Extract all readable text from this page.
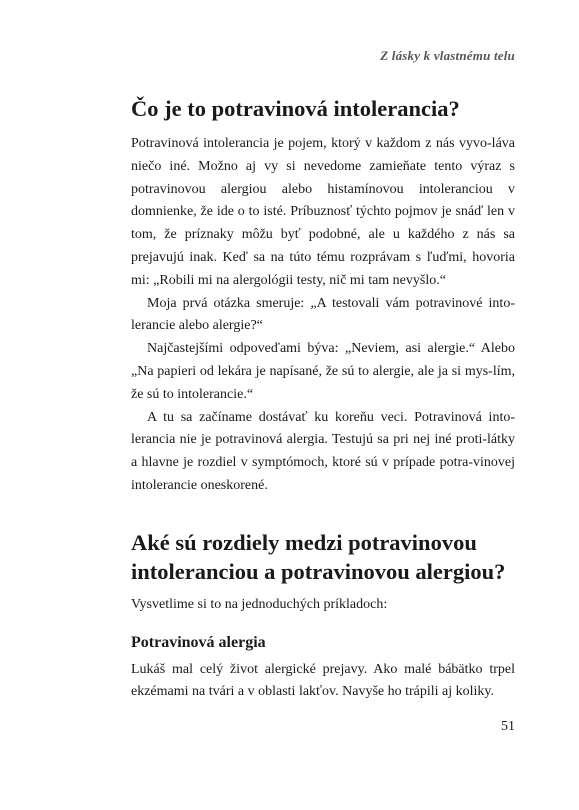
Z lásky k vlastnému telu
Čo je to potravinová intolerancia?

Potravinová intolerancia je pojem, ktorý v každom z nás vyvo-láva niečo iné. Možno aj vy si nevedome zamieňate tento výraz s potravinovou alergiou alebo histamínovou intoleranciou v domnienke, že ide o to isté. Príbuznosť týchto pojmov je snáď len v tom, že príznaky môžu byť podobné, ale u každého z nás sa prejavujú inak. Keď sa na túto tému rozprávam s ľuďmi, hovoria mi: „Robili mi na alergológii testy, nič mi tam nevyšlo.“

Moja prvá otázka smeruje: „A testovali vám potravinové into-lerancie alebo alergie?“

Najčastejšími odpoveďami býva: „Neviem, asi alergie.“ Alebo „Na papieri od lekára je napísané, že sú to alergie, ale ja si mys-lím, že sú to intolerancie.“

A tu sa začíname dostávať ku koreňu veci. Potravinová into-lerancia nie je potravinová alergia. Testujú sa pri nej iné proti-látky a hlavne je rozdiel v symptómoch, ktoré sú v prípade potra-vinovej intolerancie oneskorené.

Aké sú rozdiely medzi potravinovou
intoleranciou a potravinovou alergiou?

Vysvetlime si to na jednoduchých príkladoch:

Potravinová alergia

Lukáš mal celý život alergické prejavy. Ako malé bábätko trpel ekzémami na tvári a v oblasti lakťov. Navyše ho trápili aj koliky.

51
